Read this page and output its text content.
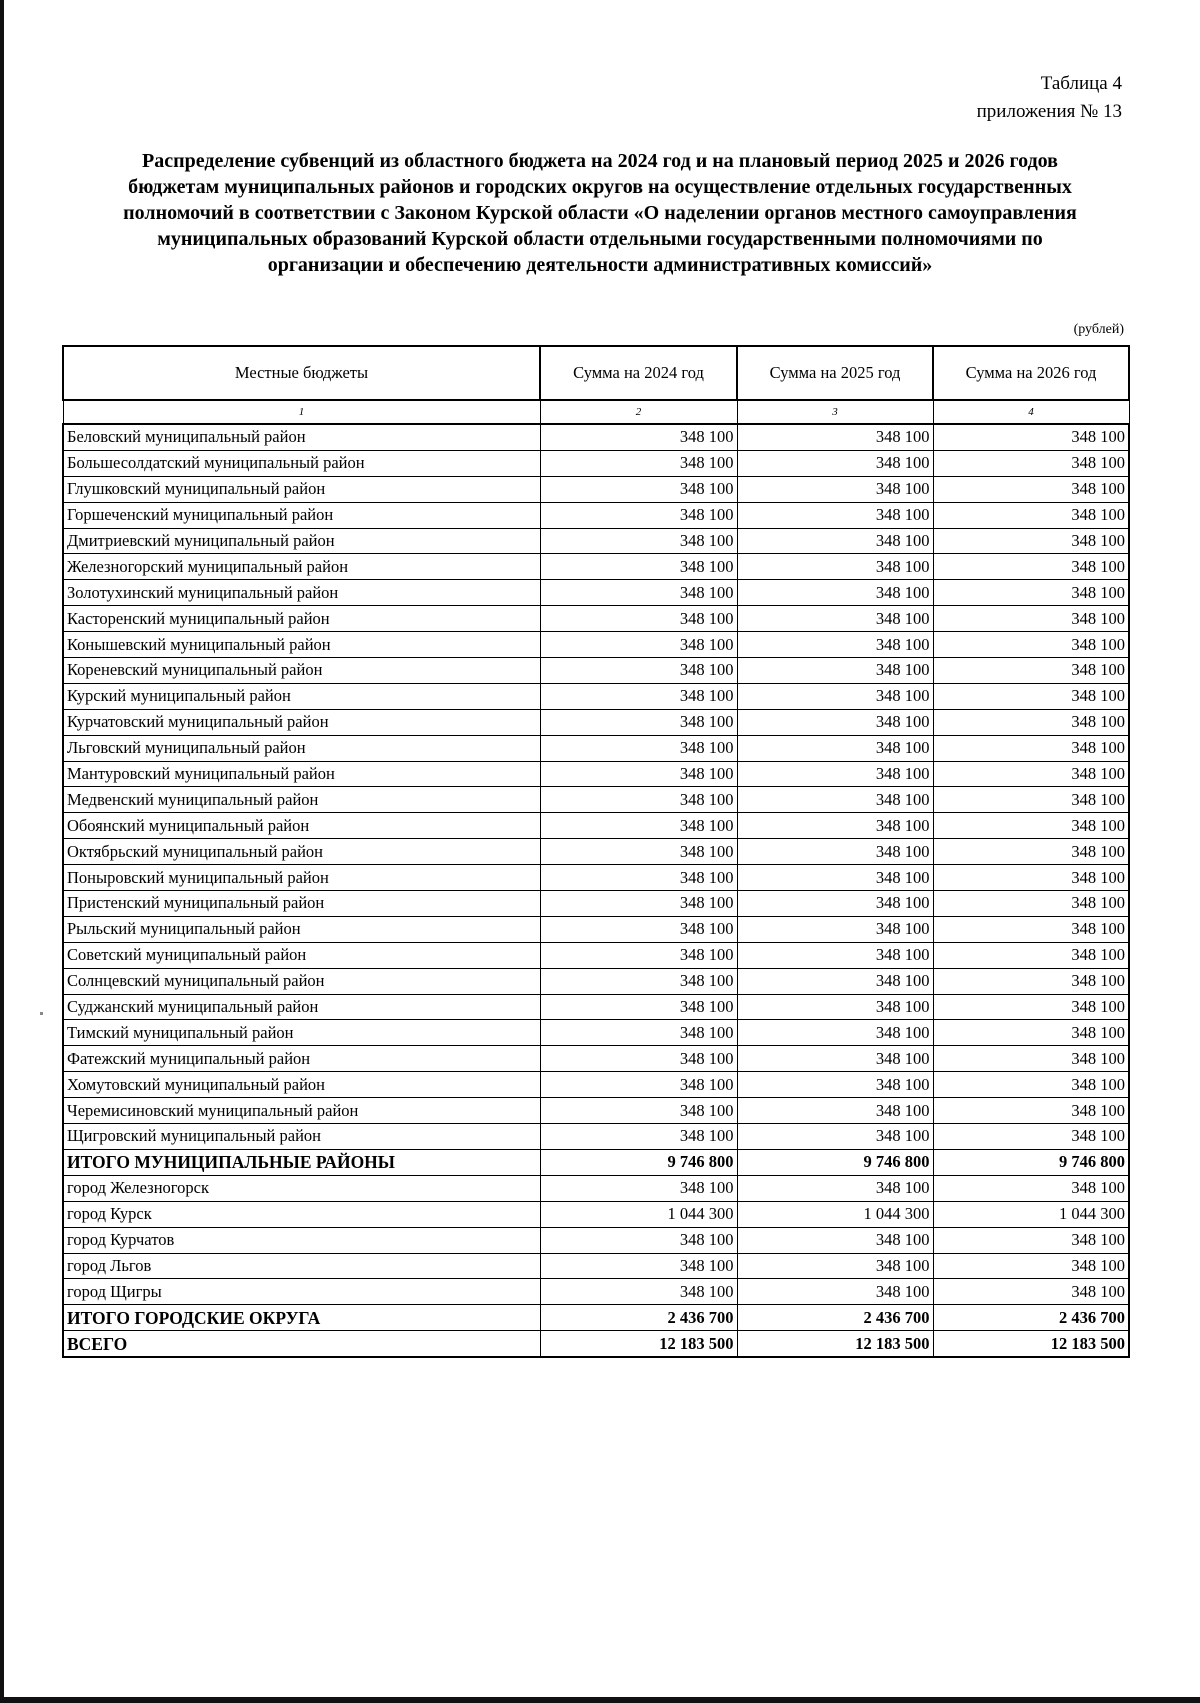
Таблица 4
приложения № 13
Распределение субвенций из областного бюджета на 2024 год и на плановый период 2025 и 2026 годов
бюджетам муниципальных районов и городских округов на осуществление отдельных государственных
полномочий в соответствии с Законом Курской области «О наделении органов местного самоуправления
муниципальных образований Курской области отдельными государственными полномочиями по
организации и обеспечению деятельности административных комиссий»
(рублей)
Местные бюджеты	Сумма на 2024 год	Сумма на 2025 год	Сумма на 2026 год
1	2	3	4
Беловский муниципальный район	348 100	348 100	348 100
Большесолдатский муниципальный район	348 100	348 100	348 100
Глушковский муниципальный район	348 100	348 100	348 100
Горшеченский муниципальный район	348 100	348 100	348 100
Дмитриевский муниципальный район	348 100	348 100	348 100
Железногорский муниципальный район	348 100	348 100	348 100
Золотухинский муниципальный район	348 100	348 100	348 100
Касторенский муниципальный район	348 100	348 100	348 100
Конышевский муниципальный район	348 100	348 100	348 100
Кореневский муниципальный район	348 100	348 100	348 100
Курский муниципальный район	348 100	348 100	348 100
Курчатовский муниципальный район	348 100	348 100	348 100
Льговский муниципальный район	348 100	348 100	348 100
Мантуровский муниципальный район	348 100	348 100	348 100
Медвенский муниципальный район	348 100	348 100	348 100
Обоянский муниципальный район	348 100	348 100	348 100
Октябрьский муниципальный район	348 100	348 100	348 100
Поныровский муниципальный район	348 100	348 100	348 100
Пристенский муниципальный район	348 100	348 100	348 100
Рыльский муниципальный район	348 100	348 100	348 100
Советский муниципальный район	348 100	348 100	348 100
Солнцевский муниципальный район	348 100	348 100	348 100
Суджанский муниципальный район	348 100	348 100	348 100
Тимский муниципальный район	348 100	348 100	348 100
Фатежский муниципальный район	348 100	348 100	348 100
Хомутовский муниципальный район	348 100	348 100	348 100
Черемисиновский муниципальный район	348 100	348 100	348 100
Щигровский муниципальный район	348 100	348 100	348 100
ИТОГО МУНИЦИПАЛЬНЫЕ РАЙОНЫ	9 746 800	9 746 800	9 746 800
город Железногорск	348 100	348 100	348 100
город Курск	1 044 300	1 044 300	1 044 300
город Курчатов	348 100	348 100	348 100
город Льгов	348 100	348 100	348 100
город Щигры	348 100	348 100	348 100
ИТОГО ГОРОДСКИЕ ОКРУГА	2 436 700	2 436 700	2 436 700
ВСЕГО	12 183 500	12 183 500	12 183 500
